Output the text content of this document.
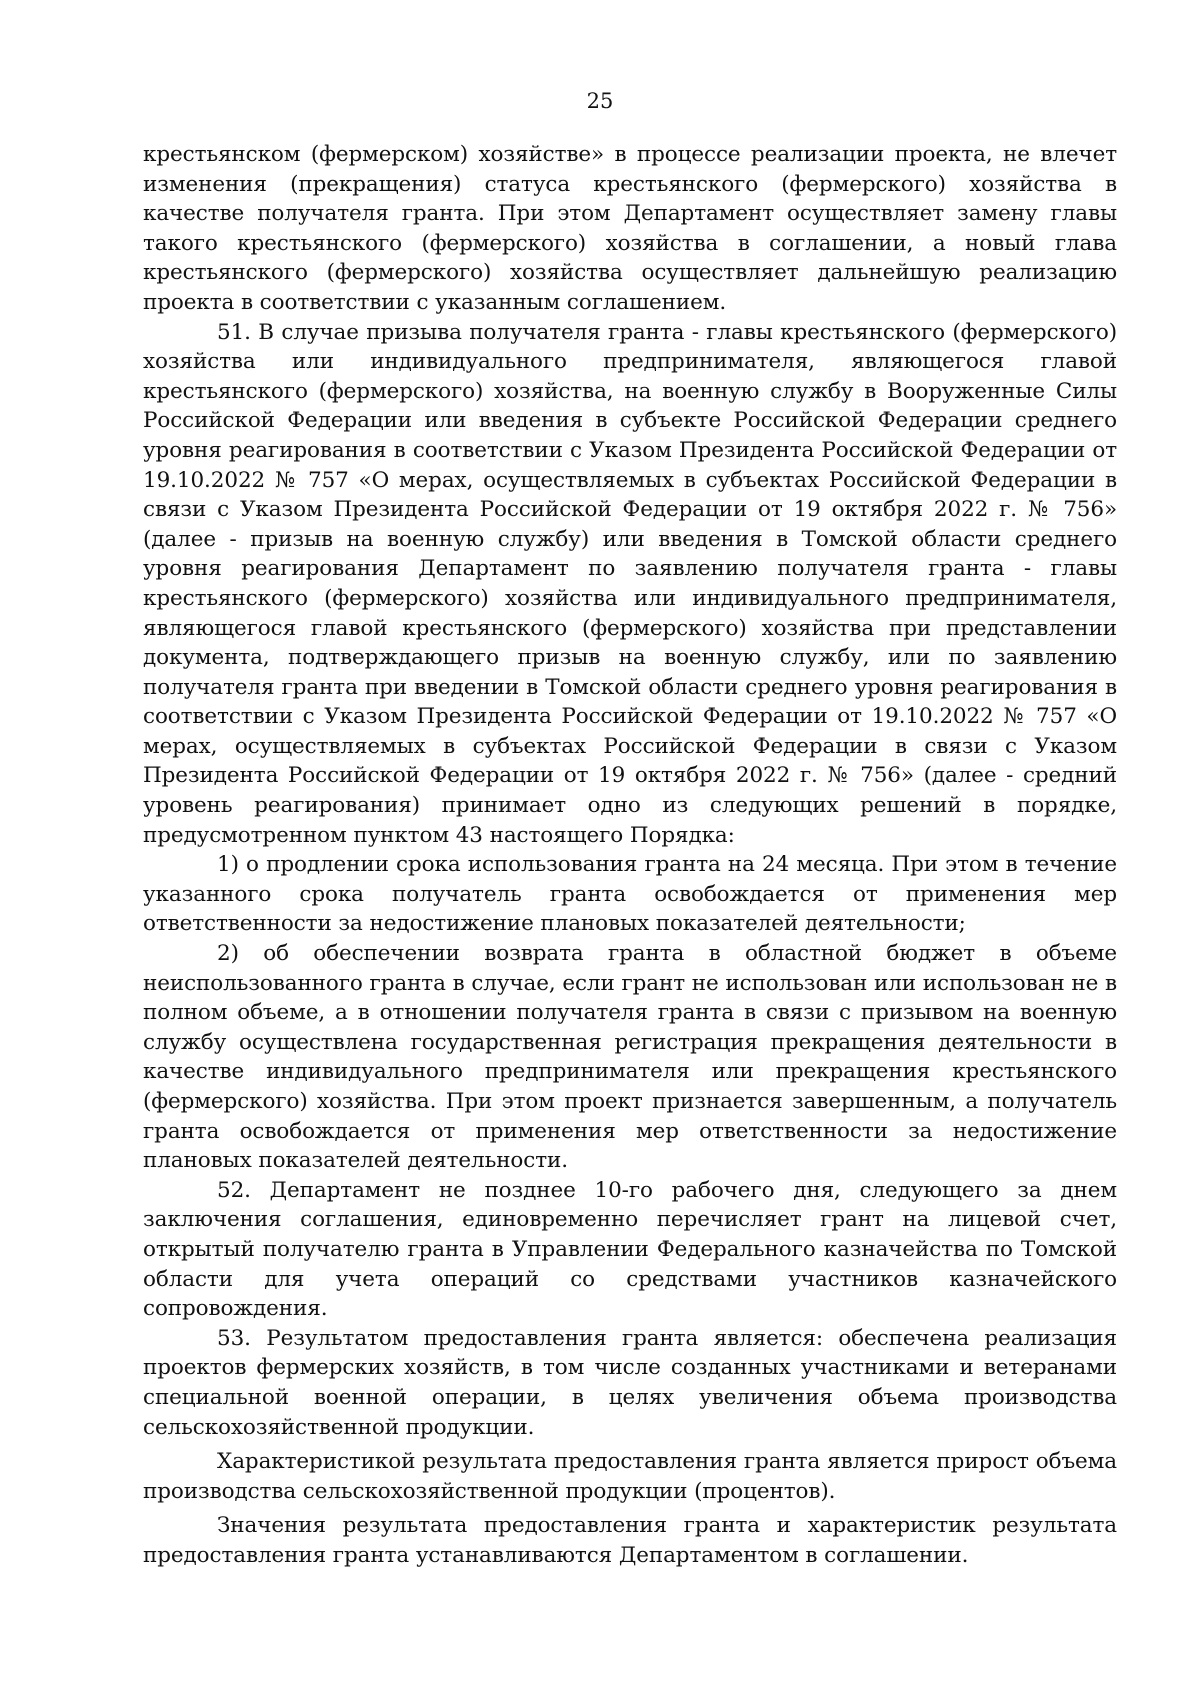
25

крестьянском (фермерском) хозяйстве» в процессе реализации проекта, не влечет изменения (прекращения) статуса крестьянского (фермерского) хозяйства в качестве получателя гранта. При этом Департамент осуществляет замену главы такого крестьянского (фермерского) хозяйства в соглашении, а новый глава крестьянского (фермерского) хозяйства осуществляет дальнейшую реализацию проекта в соответствии с указанным соглашением.

51. В случае призыва получателя гранта - главы крестьянского (фермерского) хозяйства или индивидуального предпринимателя, являющегося главой крестьянского (фермерского) хозяйства, на военную службу в Вооруженные Силы Российской Федерации или введения в субъекте Российской Федерации среднего уровня реагирования в соответствии с Указом Президента Российской Федерации от 19.10.2022 № 757 «О мерах, осуществляемых в субъектах Российской Федерации в связи с Указом Президента Российской Федерации от 19 октября 2022 г. № 756» (далее - призыв на военную службу) или введения в Томской области среднего уровня реагирования Департамент по заявлению получателя гранта - главы крестьянского (фермерского) хозяйства или индивидуального предпринимателя, являющегося главой крестьянского (фермерского) хозяйства при представлении документа, подтверждающего призыв на военную службу, или по заявлению получателя гранта при введении в Томской области среднего уровня реагирования в соответствии с Указом Президента Российской Федерации от 19.10.2022 № 757 «О мерах, осуществляемых в субъектах Российской Федерации в связи с Указом Президента Российской Федерации от 19 октября 2022 г. № 756» (далее - средний уровень реагирования) принимает одно из следующих решений в порядке, предусмотренном пунктом 43 настоящего Порядка:

1) о продлении срока использования гранта на 24 месяца. При этом в течение указанного срока получатель гранта освобождается от применения мер ответственности за недостижение плановых показателей деятельности;

2) об обеспечении возврата гранта в областной бюджет в объеме неиспользованного гранта в случае, если грант не использован или использован не в полном объеме, а в отношении получателя гранта в связи с призывом на военную службу осуществлена государственная регистрация прекращения деятельности в качестве индивидуального предпринимателя или прекращения крестьянского (фермерского) хозяйства. При этом проект признается завершенным, а получатель гранта освобождается от применения мер ответственности за недостижение плановых показателей деятельности.

52. Департамент не позднее 10-го рабочего дня, следующего за днем заключения соглашения, единовременно перечисляет грант на лицевой счет, открытый получателю гранта в Управлении Федерального казначейства по Томской области для учета операций со средствами участников казначейского сопровождения.

53. Результатом предоставления гранта является: обеспечена реализация проектов фермерских хозяйств, в том числе созданных участниками и ветеранами специальной военной операции, в целях увеличения объема производства сельскохозяйственной продукции.

Характеристикой результата предоставления гранта является прирост объема производства сельскохозяйственной продукции (процентов).

Значения результата предоставления гранта и характеристик результата предоставления гранта устанавливаются Департаментом в соглашении.
